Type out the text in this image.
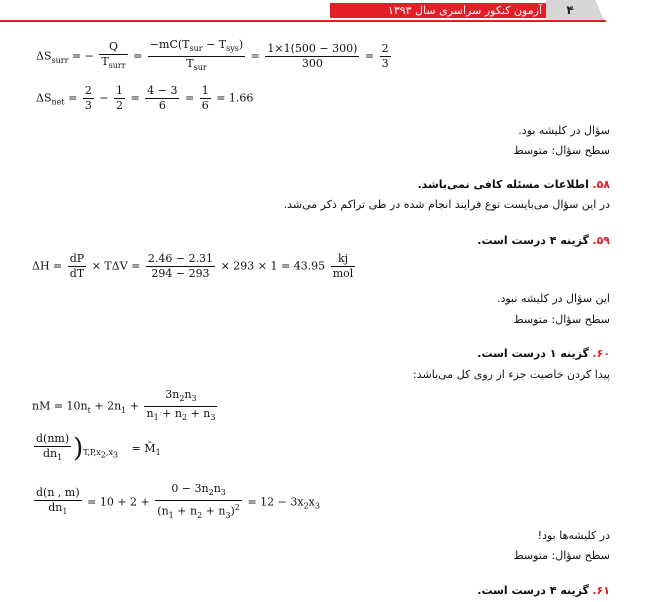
۴
آزمون کنکور سراسری سال ۱۳۹۳
$\Delta S_{surr}$ = − $\frac{Q}{T_{surr}} = \frac{-mC(T_{sur} - T_{sys})}{T_{sur}} = \frac{1\times 1(500 - 300)}{300} = \frac{2}{3}$
$\Delta S_{net} = \frac{2}{3} - \frac{1}{2} = \frac{4 - 3}{6} = \frac{1}{6} = 1.66$
سؤال در کلیشه بود.
سطح سؤال: متوسط
۵۸. اطلاعات مسئله کافی نمی‌باشد.
در این سؤال می‌بایست نوع فرایند انجام شده در طی تراکم ذکر می‌شد.
۵۹. گزینه ۴ درست است.
$\Delta H = \frac{dP}{dT} \times T\Delta V = \frac{2.46 - 2.31}{294 - 293} \times 293 \times 1 = 43.95 \frac{kj}{\text{mol}}$
این سؤال در کلیشه نبود.
سطح سؤال: متوسط
۶۰. گزینه ۱ درست است.
پیدا کردن خاصیت جزء از روی کل می‌باشد:
nM = $10n_t + 2n_1 + \frac{3n_2n_3}{n_1 + n_2 + n_3}$
$\frac{d(nm)}{dn_1} )_{T,P,x_2,x_3}$ = $M̄_1$
$\frac{d(n , m)}{dn_1} = 10 + 2 + \frac{0 - 3n_2n_3}{(n_1 + n_2 + n_3)^2} = 12 - 3x_2x_3$
در کلیشه‌ها بود!
سطح سؤال: متوسط
۶۱. گزینه ۴ درست است.
